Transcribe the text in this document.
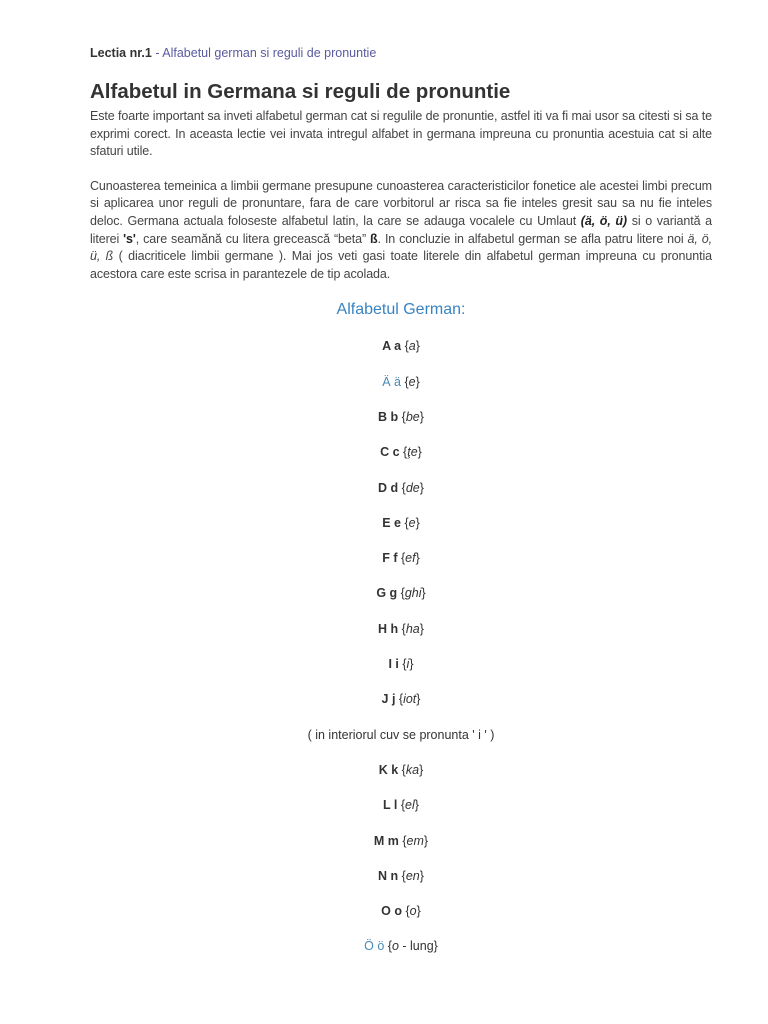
Lectia nr.1 - Alfabetul german si reguli de pronuntie
Alfabetul in Germana si reguli de pronuntie

Este foarte important sa inveti alfabetul german cat si regulile de pronuntie, astfel iti va fi mai usor sa citesti si sa te exprimi corect. In aceasta lectie vei invata intregul alfabet in germana impreuna cu pronuntia acestuia cat si alte sfaturi utile.

Cunoasterea temeinica a limbii germane presupune cunoasterea caracteristicilor fonetice ale acestei limbi precum si aplicarea unor reguli de pronuntare, fara de care vorbitorul ar risca sa fie inteles gresit sau sa nu fie inteles deloc. Germana actuala foloseste alfabetul latin, la care se adauga vocalele cu Umlaut (ä, ö, ü) si o variantă a literei 's', care seamănă cu litera grecească “beta” ß. In concluzie in alfabetul german se afla patru litere noi ä, ö, ü, ß ( diacriticele limbii germane ). Mai jos veti gasi toate literele din alfabetul german impreuna cu pronuntia acestora care este scrisa in parantezele de tip acolada.

Alfabetul German:
A a {a}
Ä ä {e}
B b {be}
C c {ţe}
D d {de}
E e {e}
F f {ef}
G g {ghi}
H h {ha}
I i {i}
J j {iot}
( in interiorul cuv se pronunta ' i ' )
K k {ka}
L l {el}
M m {em}
N n {en}
O o {o}
Ö ö {o - lung}
